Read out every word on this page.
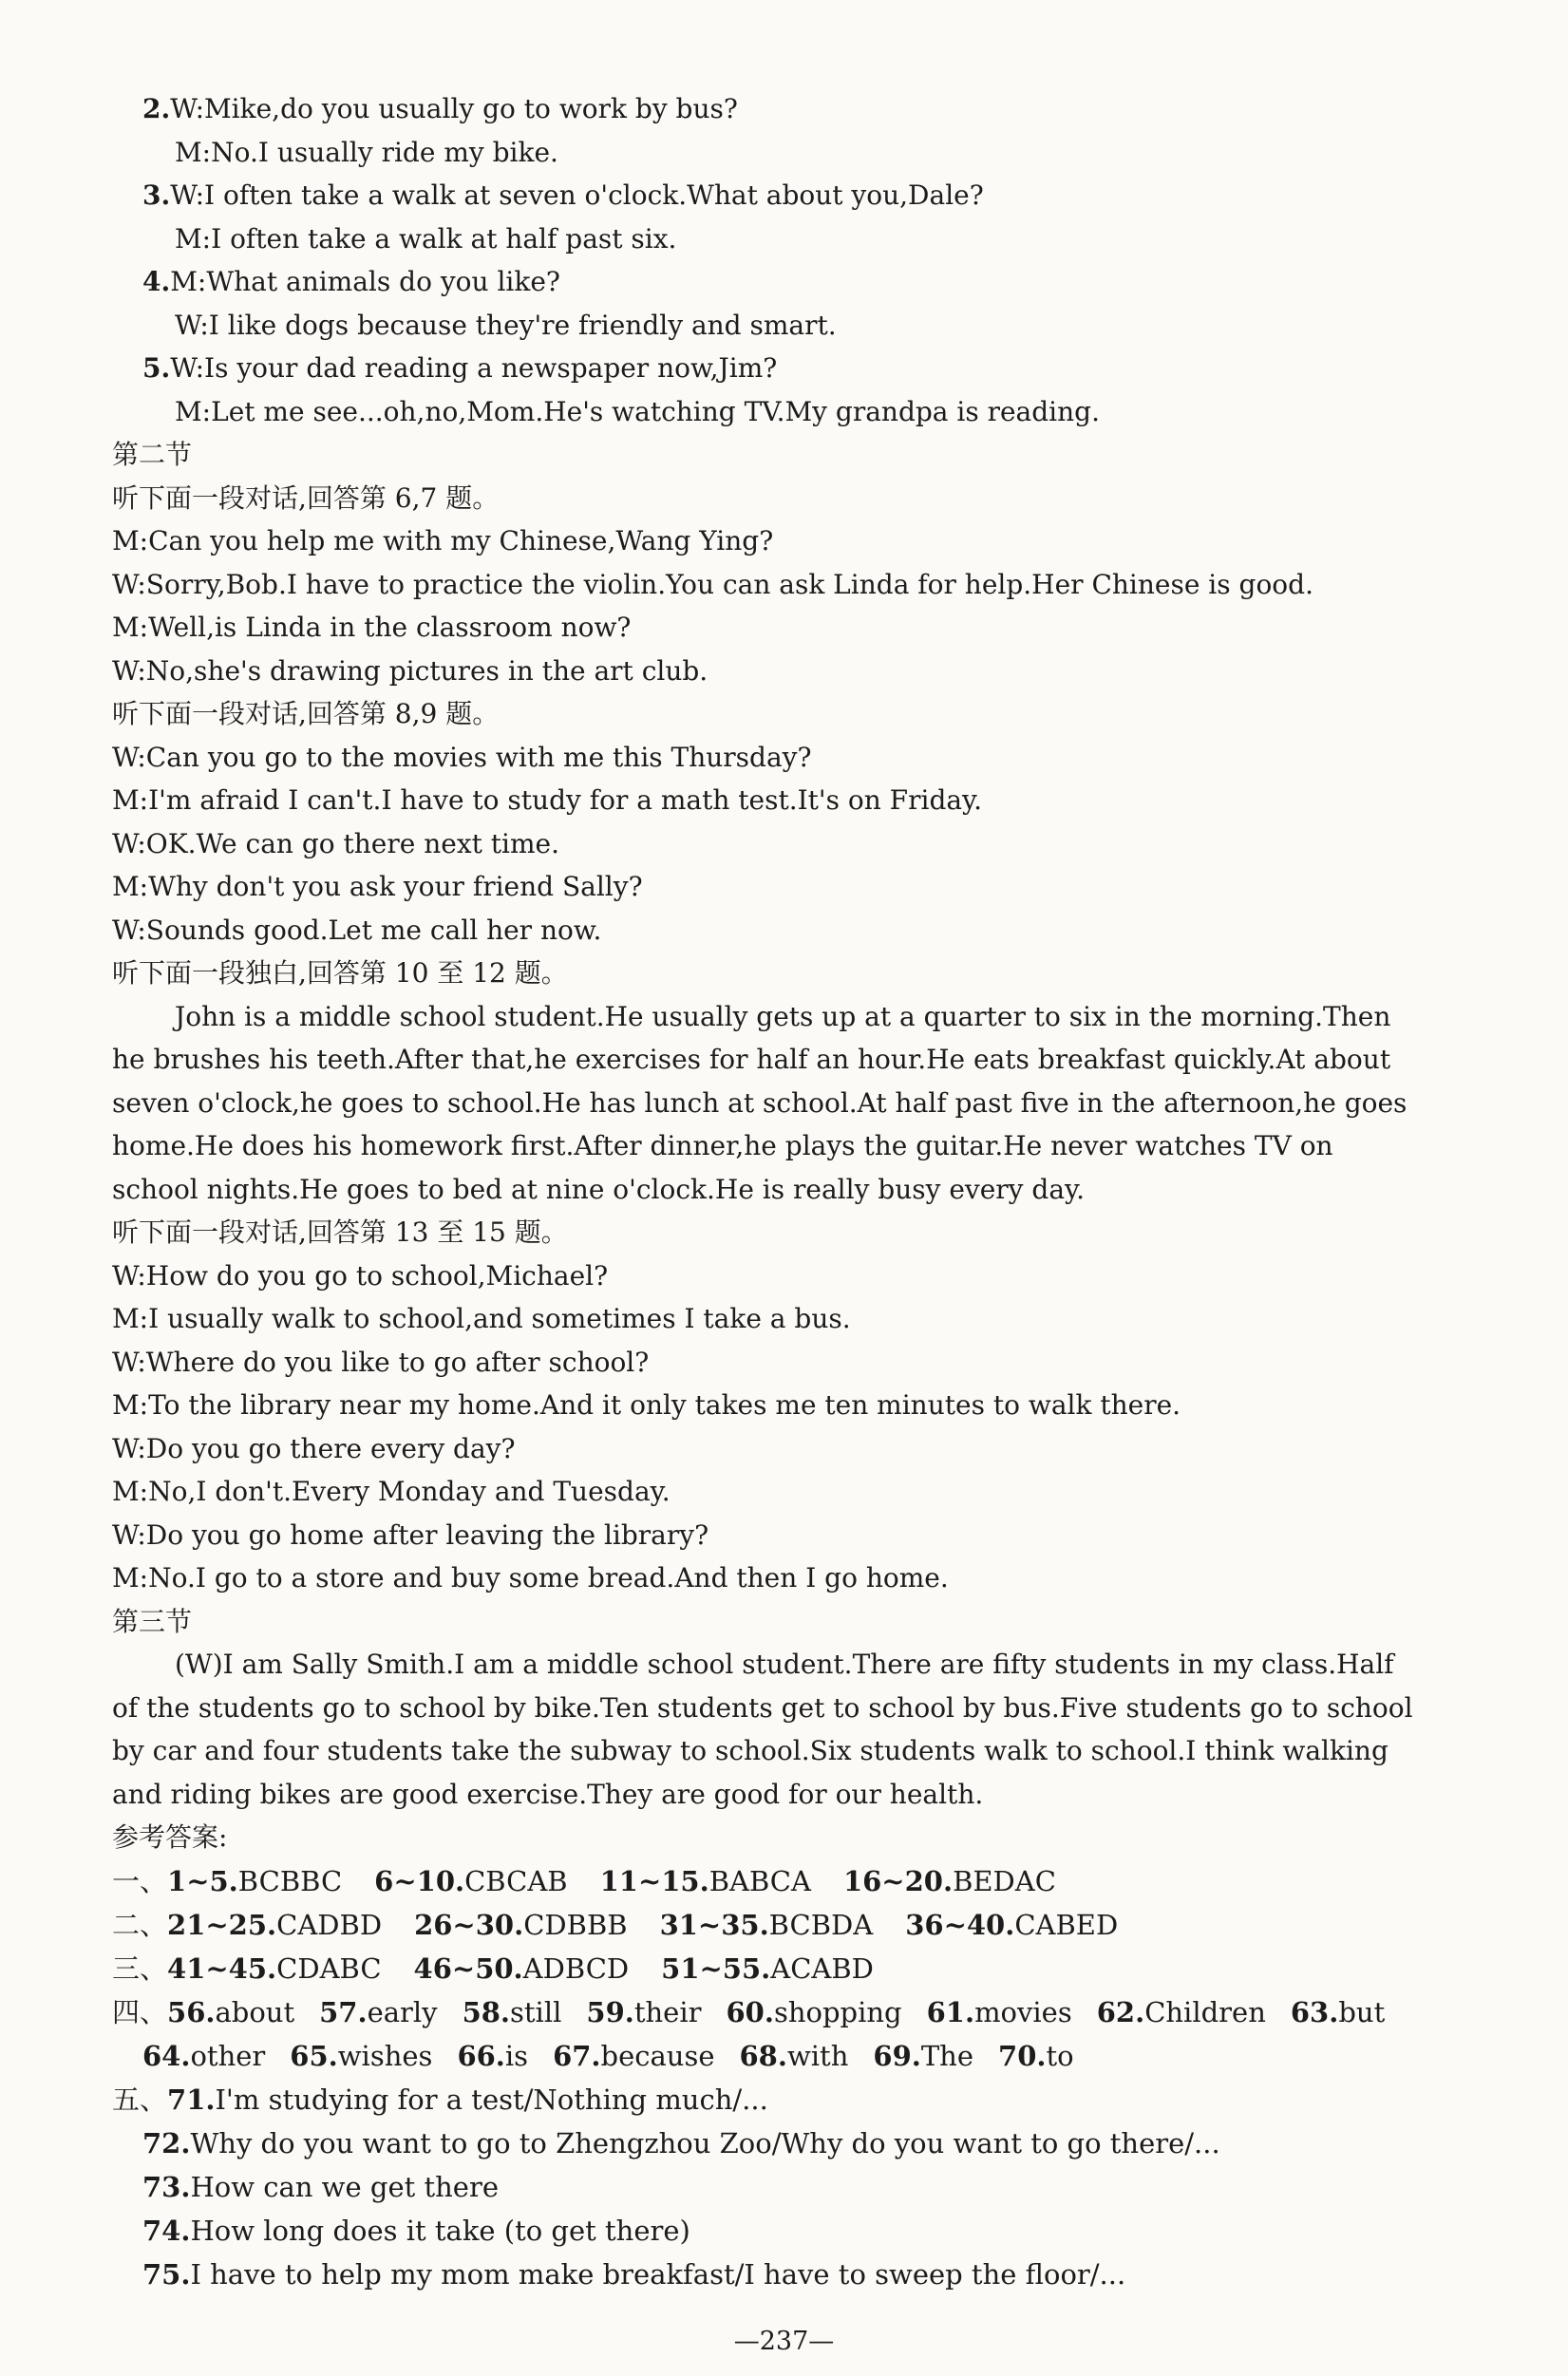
2.W:Mike,do you usually go to work by bus?
M:No.I usually ride my bike.
3.W:I often take a walk at seven o'clock.What about you,Dale?
M:I often take a walk at half past six.
4.M:What animals do you like?
W:I like dogs because they're friendly and smart.
5.W:Is your dad reading a newspaper now,Jim?
M:Let me see...oh,no,Mom.He's watching TV.My grandpa is reading.
第二节
听下面一段对话,回答第 6,7 题。
M:Can you help me with my Chinese,Wang Ying?
W:Sorry,Bob.I have to practice the violin.You can ask Linda for help.Her Chinese is good.
M:Well,is Linda in the classroom now?
W:No,she's drawing pictures in the art club.
听下面一段对话,回答第 8,9 题。
W:Can you go to the movies with me this Thursday?
M:I'm afraid I can't.I have to study for a math test.It's on Friday.
W:OK.We can go there next time.
M:Why don't you ask your friend Sally?
W:Sounds good.Let me call her now.
听下面一段独白,回答第 10 至 12 题。
John is a middle school student.He usually gets up at a quarter to six in the morning.Then
he brushes his teeth.After that,he exercises for half an hour.He eats breakfast quickly.At about
seven o'clock,he goes to school.He has lunch at school.At half past five in the afternoon,he goes
home.He does his homework first.After dinner,he plays the guitar.He never watches TV on
school nights.He goes to bed at nine o'clock.He is really busy every day.
听下面一段对话,回答第 13 至 15 题。
W:How do you go to school,Michael?
M:I usually walk to school,and sometimes I take a bus.
W:Where do you like to go after school?
M:To the library near my home.And it only takes me ten minutes to walk there.
W:Do you go there every day?
M:No,I don't.Every Monday and Tuesday.
W:Do you go home after leaving the library?
M:No.I go to a store and buy some bread.And then I go home.
第三节
(W)I am Sally Smith.I am a middle school student.There are fifty students in my class.Half
of the students go to school by bike.Ten students get to school by bus.Five students go to school
by car and four students take the subway to school.Six students walk to school.I think walking
and riding bikes are good exercise.They are good for our health.
参考答案:
一、1~5.BCBBC 6~10.CBCAB 11~15.BABCA 16~20.BEDAC
二、21~25.CADBD 26~30.CDBBB 31~35.BCBDA 36~40.CABED
三、41~45.CDABC 46~50.ADBCD 51~55.ACABD
四、56.about 57.early 58.still 59.their 60.shopping 61.movies 62.Children 63.but
64.other 65.wishes 66.is 67.because 68.with 69.The 70.to
五、71.I'm studying for a test/Nothing much/...
72.Why do you want to go to Zhengzhou Zoo/Why do you want to go there/...
73.How can we get there
74.How long does it take (to get there)
75.I have to help my mom make breakfast/I have to sweep the floor/...
—237—
